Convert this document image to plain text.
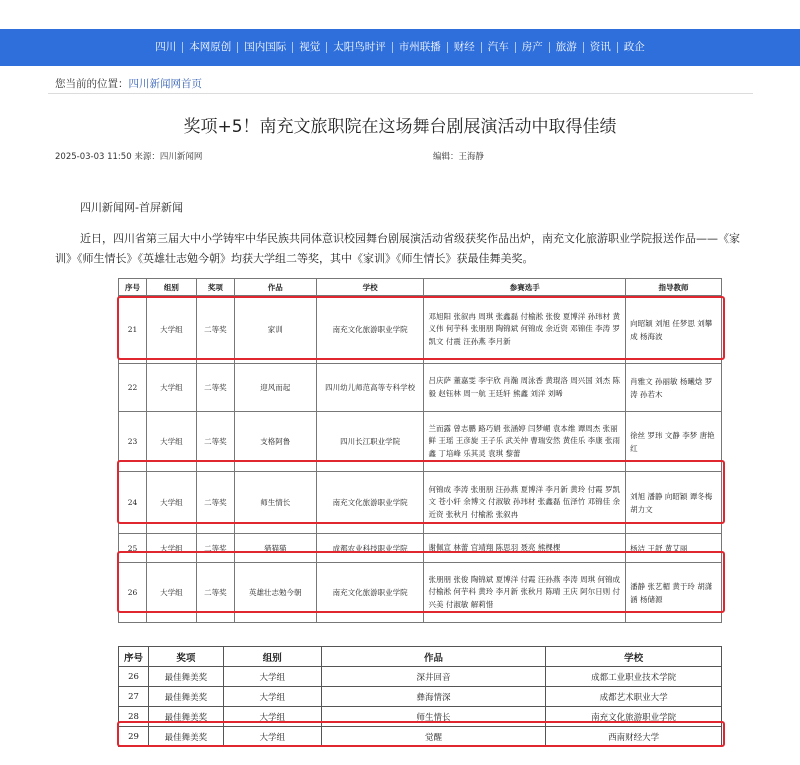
四川	本网原创	国内国际	视觉	太阳鸟时评	市州联播	财经	汽车	房产	旅游	资讯	政企
您当前的位置：四川新闻网首页
奖项+5！南充文旅职院在这场舞台剧展演活动中取得佳绩
2025-03-03 11:50 来源：四川新闻网	编辑：王海静
四川新闻网-首屏新闻
近日，四川省第三届大中小学铸牢中华民族共同体意识校园舞台剧展演活动省级获奖作品出炉，南充文化旅游职业学院报送作品——《家训》《师生情长》《英雄壮志勉今朝》均获大学组二等奖，其中《家训》《师生情长》获最佳舞美奖。
序号	组别	奖项	作品	学校	参赛选手	指导教师
21	大学组	二等奖	家训	南充文化旅游职业学院	邓旭阳 张叙冉 周琪 张鑫磊 付榆淞 张俊 夏博洋 孙玮材 黄义伟 何芋科 张朋朋 陶锦斌 何锦成 余近资 邓锦佳 李涛 罗凯文 付震 汪孙燕 李月新	向昭颖 刘旭 任梦思 刘攀成 杨海波
22	大学组	二等奖	迎风而起	四川幼儿师范高等专科学校	吕庆萨 董嘉雯 李宇欣 肖瀚 周泳香 黄琨洛 周兴国 刘杰 陈毅 赵钰林 周一航 王廷轩 熊鑫 刘洋 刘晞	肖雅文 孙丽敏 杨曦焓 罗涛 孙若木
23	大学组	二等奖	支格阿鲁	四川长江职业学院	兰而露 曾志鹏 路巧娟 张涵婷 闫梦嵋 袁本维 谭周杰 张丽鲜 王瑶 王彦旋 王子乐 武关仲 曹瑞安然 黄佳乐 李康 张雨鑫 丁培峰 乐其灵 袁琪 黎蕾	徐丝 罗玮 文静 李梦 唐艳红
24	大学组	二等奖	师生情长	南充文化旅游职业学院	何锦成 李涛 张朋朋 汪孙燕 夏博洋 李月新 黄玲 付霞 罗凯文 苍小轩 余博文 付淑敏 孙玮材 张鑫磊 伍泽竹 邓锦佳 余近资 张秋月 付榆淞 张叙冉	刘旭 潘静 向昭颖 谭冬梅 胡力文
25	大学组	二等奖	猎猫猫	成都农业科技职业学院	谢佩宣 林蕾 官靖翔 陈思羽 聂亮 熊棵棵	杨洁 王舒 黄艾丽
26	大学组	二等奖	英雄壮志勉今朝	南充文化旅游职业学院	张朋朋 张俊 陶锦斌 夏博洋 付霞 汪孙燕 李涛 周琪 何锦成 付榆淞 何芋科 黄玲 李月新 张秋月 陈晴 王庆 阿尔日则 付兴美 付淑敏 解莉惜	潘静 张艺楣 黄于玲 胡潇涵 杨储源
序号	奖项	组别	作品	学校
26	最佳舞美奖	大学组	深井回音	成都工业职业技术学院
27	最佳舞美奖	大学组	彝海情深	成都艺术职业大学
28	最佳舞美奖	大学组	师生情长	南充文化旅游职业学院
29	最佳舞美奖	大学组	觉醒	西南财经大学
